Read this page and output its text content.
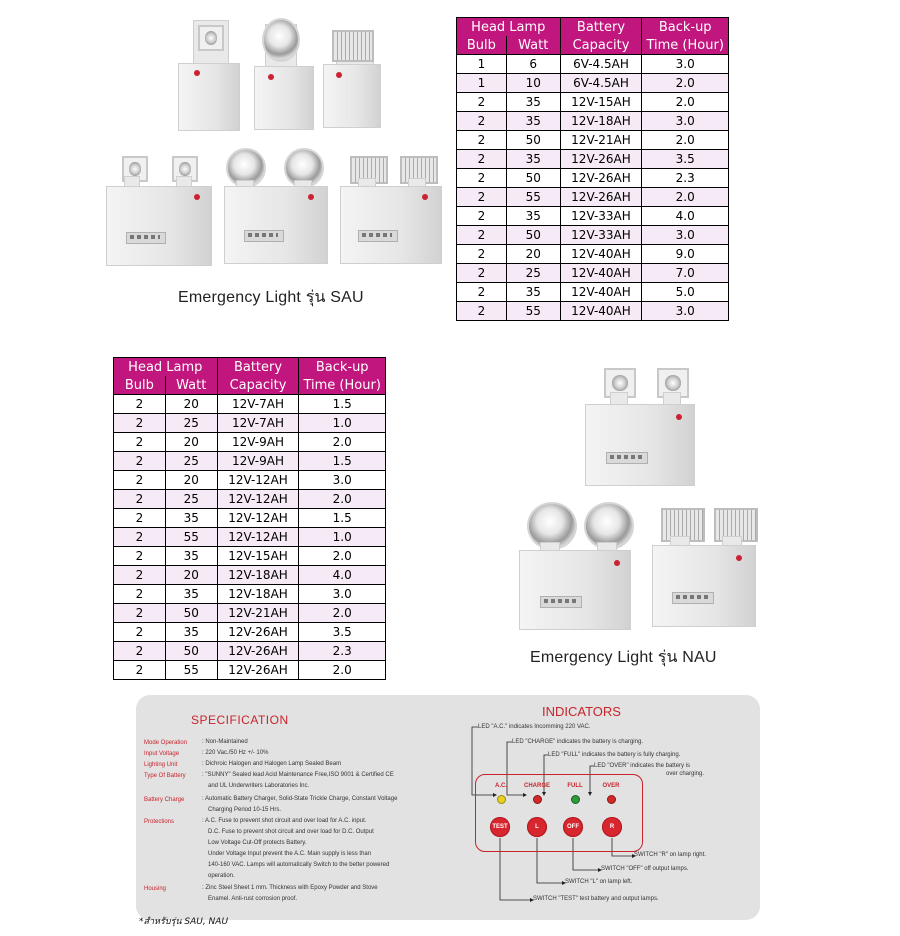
Emergency Light รุ่น SAU
Head Lamp		Battery	Back-up
Bulb	Watt	Capacity	Time (Hour)
1	6	6V-4.5AH	3.0
1	10	6V-4.5AH	2.0
2	35	12V-15AH	2.0
2	35	12V-18AH	3.0
2	50	12V-21AH	2.0
2	35	12V-26AH	3.5
2	50	12V-26AH	2.3
2	55	12V-26AH	2.0
2	35	12V-33AH	4.0
2	50	12V-33AH	3.0
2	20	12V-40AH	9.0
2	25	12V-40AH	7.0
2	35	12V-40AH	5.0
2	55	12V-40AH	3.0
Head Lamp		Battery	Back-up
Bulb	Watt	Capacity	Time (Hour)
2	20	12V-7AH	1.5
2	25	12V-7AH	1.0
2	20	12V-9AH	2.0
2	25	12V-9AH	1.5
2	20	12V-12AH	3.0
2	25	12V-12AH	2.0
2	35	12V-12AH	1.5
2	55	12V-12AH	1.0
2	35	12V-15AH	2.0
2	20	12V-18AH	4.0
2	35	12V-18AH	3.0
2	50	12V-21AH	2.0
2	35	12V-26AH	3.5
2	50	12V-26AH	2.3
2	55	12V-26AH	2.0
Emergency Light รุ่น NAU
SPECIFICATION
Mode Operation : Non-Maintained
Input Voltage	: 220 Vac./50 Hz +/- 10%
Lighting Unit	: Dichroic Halogen and Halogen Lamp Sealed Beam
Type Of Battery	: "SUNNY" Sealed lead Acid Maintenance Free,ISO 9001 & Certified CE
and UL Underwriters Laboratories Inc.
Battery Charge	: Automatic Battery Charger, Solid-State Trickle Charge, Constant Voltage
Charging Period 10-15 Hrs.
Protections	: A.C. Fuse to prevent shot circuit and over load for A.C. input.
D.C. Fuse to prevent shot circuit and over load for D.C. Output
Low Voltage Cut-Off protects Battery.
Under Voltage Input prevent the A.C. Main supply is less than
140-160 VAC. Lamps will automatically Switch to the better powered
operation.
Housing	: Zinc Steel Sheet 1 mm. Thickness with Epoxy Powder and Stove
Enamel. Anti-rust corrosion proof.
INDICATORS
LED "A.C." indicates Incomming 220 VAC.
LED "CHARGE" indicates the battery is charging.
LED "FULL" indicates the battery is fully charging.
LED "OVER" indicates the battery is
over charging.
A.C.	CHARGE	FULL	OVER
TEST	L	OFF	R
SWITCH "R" on lamp right.
SWITCH "OFF" off output lamps.
SWITCH "L" on lamp left.
SWITCH "TEST" test battery and output lamps.
*สำหรับรุ่น SAU, NAU
